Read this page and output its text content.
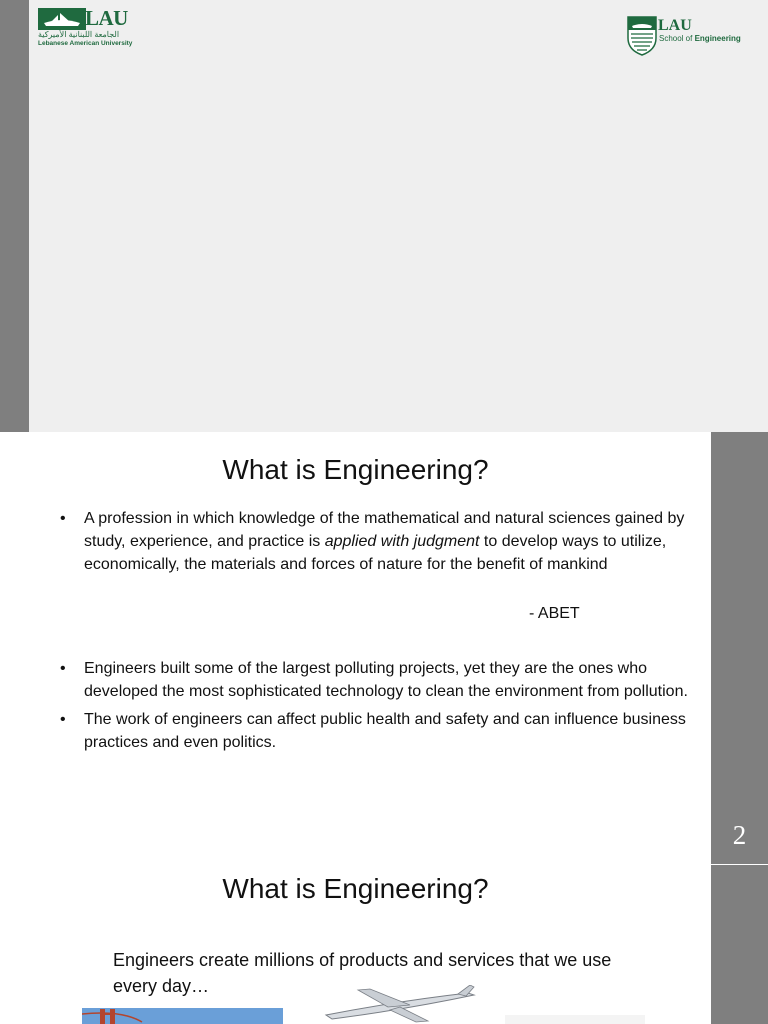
LAU
الجامعة اللبنانية الأميركية
Lebanese American University
LAU
School of Engineering
2
What is Engineering?
• A profession in which knowledge of the mathematical and natural sciences gained by study, experience, and practice is applied with judgment to develop ways to utilize, economically, the materials and forces of nature for the benefit of mankind
- ABET
• Engineers built some of the largest polluting projects, yet they are the ones who developed the most sophisticated technology to clean the environment from pollution.
• The work of engineers can affect public health and safety and can influence business practices and even politics.
What is Engineering?
Engineers create millions of products and services that we use every day…
